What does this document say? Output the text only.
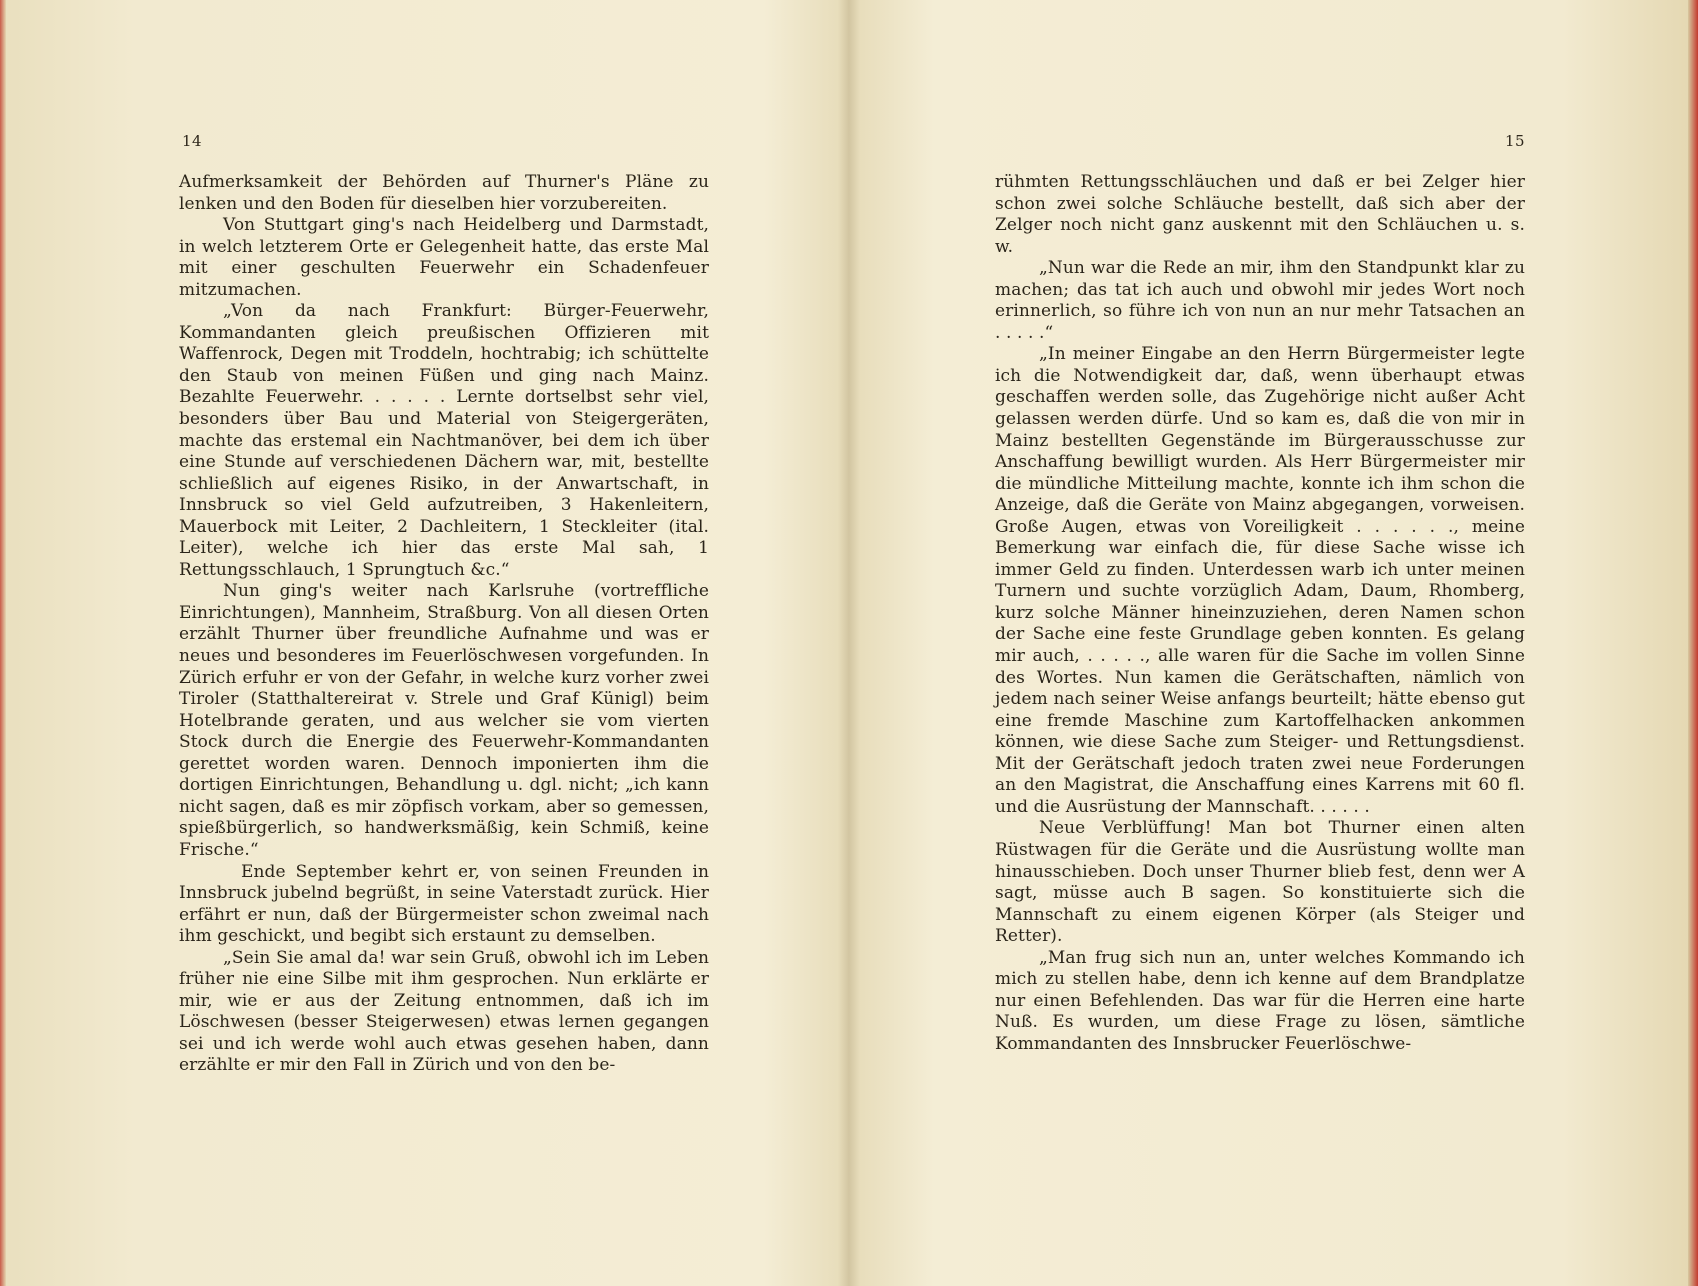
14

Aufmerksamkeit der Behörden auf Thurner's Pläne zu lenken und den Boden für dieselben hier vorzubereiten.

Von Stuttgart ging's nach Heidelberg und Darmstadt, in welch letzterem Orte er Gelegenheit hatte, das erste Mal mit einer geschulten Feuerwehr ein Schadenfeuer mitzumachen.

„Von da nach Frankfurt: Bürger-Feuerwehr, Kommandanten gleich preußischen Offizieren mit Waffenrock, Degen mit Troddeln, hochtrabig; ich schüttelte den Staub von meinen Füßen und ging nach Mainz. Bezahlte Feuerwehr. . . . . . Lernte dortselbst sehr viel, besonders über Bau und Material von Steigergeräten, machte das erstemal ein Nachtmanöver, bei dem ich über eine Stunde auf verschiedenen Dächern war, mit, bestellte schließlich auf eigenes Risiko, in der Anwartschaft, in Innsbruck so viel Geld aufzutreiben, 3 Hakenleitern, Mauerbock mit Leiter, 2 Dachleitern, 1 Steckleiter (ital. Leiter), welche ich hier das erste Mal sah, 1 Rettungsschlauch, 1 Sprungtuch &c.“

Nun ging's weiter nach Karlsruhe (vortreffliche Einrichtungen), Mannheim, Straßburg. Von all diesen Orten erzählt Thurner über freundliche Aufnahme und was er neues und besonderes im Feuerlöschwesen vorgefunden. In Zürich erfuhr er von der Gefahr, in welche kurz vorher zwei Tiroler (Statthaltereirat v. Strele und Graf Künigl) beim Hotelbrande geraten, und aus welcher sie vom vierten Stock durch die Energie des Feuerwehr-Kommandanten gerettet worden waren. Dennoch imponierten ihm die dortigen Einrichtungen, Behandlung u. dgl. nicht; „ich kann nicht sagen, daß es mir zöpfisch vorkam, aber so gemessen, spießbürgerlich, so handwerksmäßig, kein Schmiß, keine Frische.“

Ende September kehrt er, von seinen Freunden in Innsbruck jubelnd begrüßt, in seine Vaterstadt zurück. Hier erfährt er nun, daß der Bürgermeister schon zweimal nach ihm geschickt, und begibt sich erstaunt zu demselben.

„Sein Sie amal da! war sein Gruß, obwohl ich im Leben früher nie eine Silbe mit ihm gesprochen. Nun erklärte er mir, wie er aus der Zeitung entnommen, daß ich im Löschwesen (besser Steigerwesen) etwas lernen gegangen sei und ich werde wohl auch etwas gesehen haben, dann erzählte er mir den Fall in Zürich und von den be-

15

rühmten Rettungsschläuchen und daß er bei Zelger hier schon zwei solche Schläuche bestellt, daß sich aber der Zelger noch nicht ganz auskennt mit den Schläuchen u. s. w.

„Nun war die Rede an mir, ihm den Standpunkt klar zu machen; das tat ich auch und obwohl mir jedes Wort noch erinnerlich, so führe ich von nun an nur mehr Tatsachen an . . . . .“

„In meiner Eingabe an den Herrn Bürgermeister legte ich die Notwendigkeit dar, daß, wenn überhaupt etwas geschaffen werden solle, das Zugehörige nicht außer Acht gelassen werden dürfe. Und so kam es, daß die von mir in Mainz bestellten Gegenstände im Bürgerausschusse zur Anschaffung bewilligt wurden. Als Herr Bürgermeister mir die mündliche Mitteilung machte, konnte ich ihm schon die Anzeige, daß die Geräte von Mainz abgegangen, vorweisen. Große Augen, etwas von Voreiligkeit . . . . . ., meine Bemerkung war einfach die, für diese Sache wisse ich immer Geld zu finden. Unterdessen warb ich unter meinen Turnern und suchte vorzüglich Adam, Daum, Rhomberg, kurz solche Männer hineinzuziehen, deren Namen schon der Sache eine feste Grundlage geben konnten. Es gelang mir auch, . . . . ., alle waren für die Sache im vollen Sinne des Wortes. Nun kamen die Gerätschaften, nämlich von jedem nach seiner Weise anfangs beurteilt; hätte ebenso gut eine fremde Maschine zum Kartoffelhacken ankommen können, wie diese Sache zum Steiger- und Rettungsdienst. Mit der Gerätschaft jedoch traten zwei neue Forderungen an den Magistrat, die Anschaffung eines Karrens mit 60 fl. und die Ausrüstung der Mannschaft. . . . . .

Neue Verblüffung! Man bot Thurner einen alten Rüstwagen für die Geräte und die Ausrüstung wollte man hinausschieben. Doch unser Thurner blieb fest, denn wer A sagt, müsse auch B sagen. So konstituierte sich die Mannschaft zu einem eigenen Körper (als Steiger und Retter).

„Man frug sich nun an, unter welches Kommando ich mich zu stellen habe, denn ich kenne auf dem Brandplatze nur einen Befehlenden. Das war für die Herren eine harte Nuß. Es wurden, um diese Frage zu lösen, sämtliche Kommandanten des Innsbrucker Feuerlöschwe-
